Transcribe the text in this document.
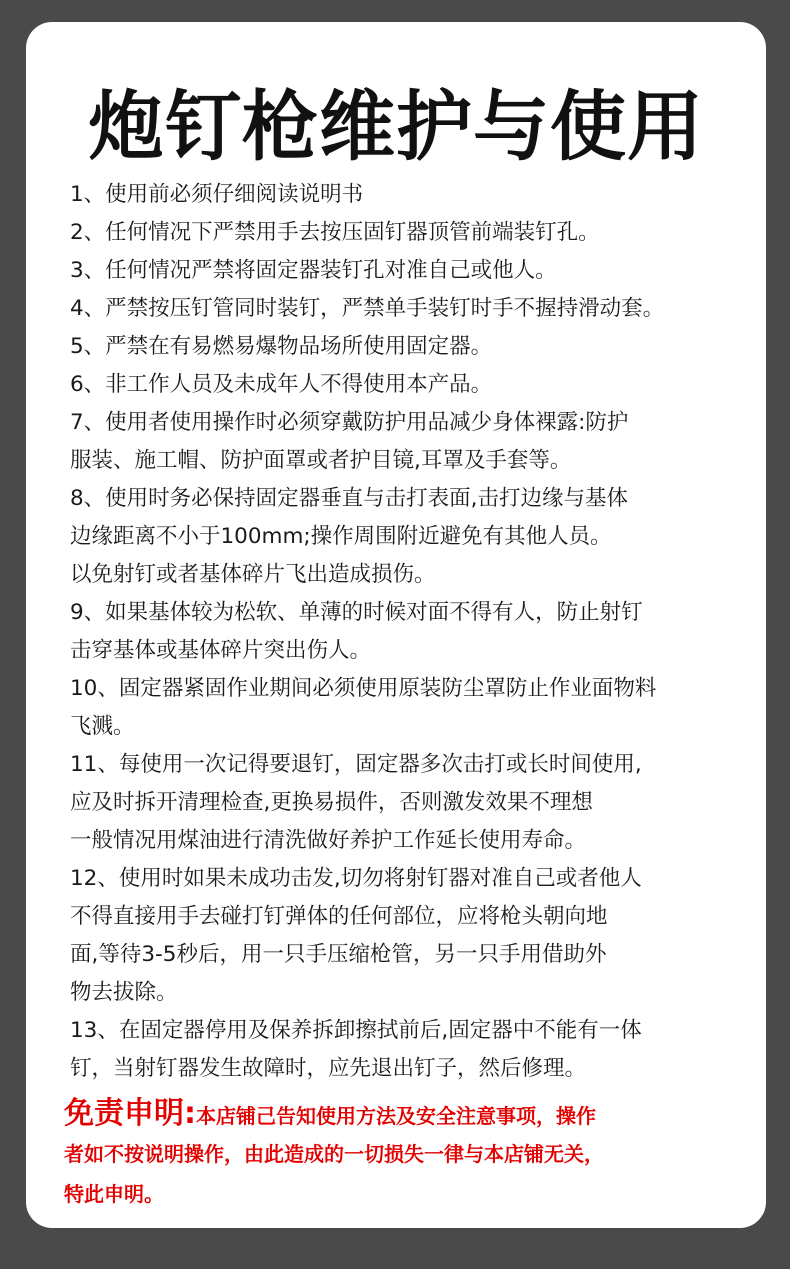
炮钉枪维护与使用
1、使用前必须仔细阅读说明书
2、任何情况下严禁用手去按压固钉器顶管前端装钉孔。
3、任何情况严禁将固定器装钉孔对准自己或他人。
4、严禁按压钉管同时装钉，严禁单手装钉时手不握持滑动套。
5、严禁在有易燃易爆物品场所使用固定器。
6、非工作人员及未成年人不得使用本产品。
7、使用者使用操作时必须穿戴防护用品减少身体裸露:防护
服装、施工帽、防护面罩或者护目镜,耳罩及手套等。
8、使用时务必保持固定器垂直与击打表面,击打边缘与基体
边缘距离不小于100mm;操作周围附近避免有其他人员。
以免射钉或者基体碎片飞出造成损伤。
9、如果基体较为松软、单薄的时候对面不得有人，防止射钉
击穿基体或基体碎片突出伤人。
10、固定器紧固作业期间必须使用原装防尘罩防止作业面物料
飞溅。
11、每使用一次记得要退钉，固定器多次击打或长时间使用,
应及时拆开清理检查,更换易损件，否则激发效果不理想
一般情况用煤油进行清洗做好养护工作延长使用寿命。
12、使用时如果未成功击发,切勿将射钉器对准自己或者他人
不得直接用手去碰打钉弹体的任何部位，应将枪头朝向地
面,等待3-5秒后，用一只手压缩枪管，另一只手用借助外
物去拔除。
13、在固定器停用及保养拆卸擦拭前后,固定器中不能有一体
钉，当射钉器发生故障时，应先退出钉子，然后修理。
免责申明:本店铺己告知使用方法及安全注意事项，操作
者如不按说明操作，由此造成的一切损失一律与本店铺无关，
特此申明。
